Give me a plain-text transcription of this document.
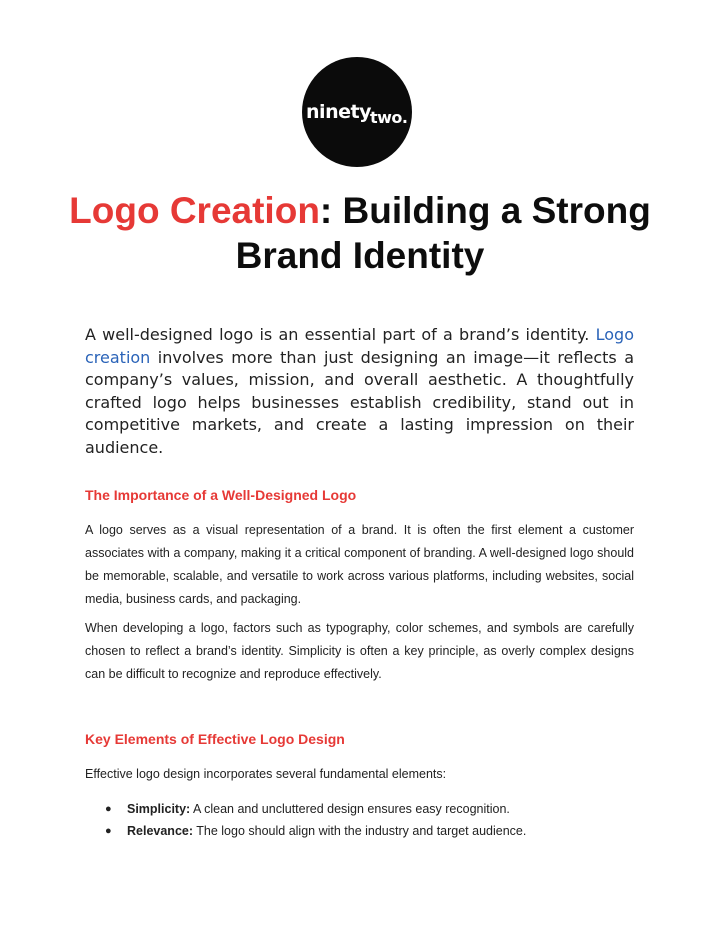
ninetytwo.
Logo Creation: Building a Strong Brand Identity

A well-designed logo is an essential part of a brand’s identity. Logo creation involves more than just designing an image—it reflects a company’s values, mission, and overall aesthetic. A thoughtfully crafted logo helps businesses establish credibility, stand out in competitive markets, and create a lasting impression on their audience.

The Importance of a Well-Designed Logo

A logo serves as a visual representation of a brand. It is often the first element a customer associates with a company, making it a critical component of branding. A well-designed logo should be memorable, scalable, and versatile to work across various platforms, including websites, social media, business cards, and packaging.

When developing a logo, factors such as typography, color schemes, and symbols are carefully chosen to reflect a brand’s identity. Simplicity is often a key principle, as overly complex designs can be difficult to recognize and reproduce effectively.

Key Elements of Effective Logo Design

Effective logo design incorporates several fundamental elements:

● Simplicity: A clean and uncluttered design ensures easy recognition.
● Relevance: The logo should align with the industry and target audience.
